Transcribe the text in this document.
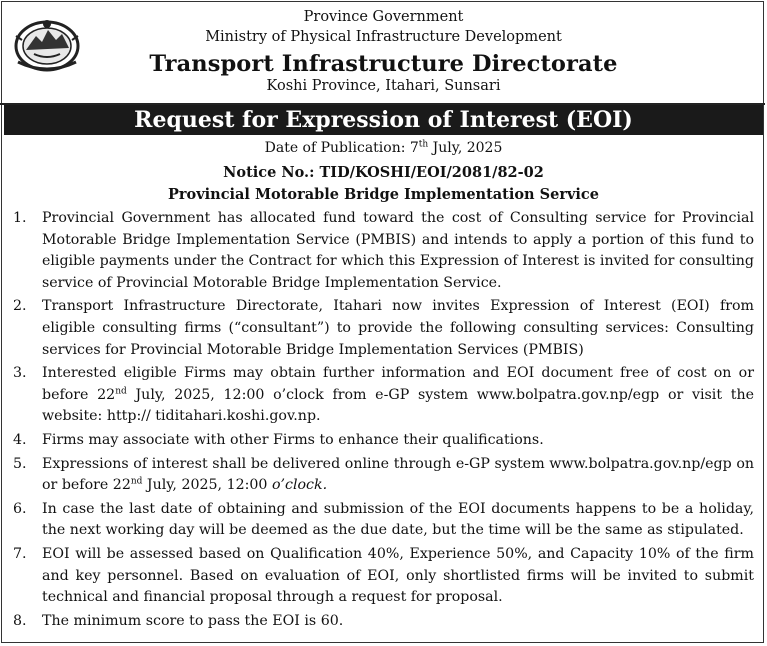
Province Government
Ministry of Physical Infrastructure Development
Transport Infrastructure Directorate
Koshi Province, Itahari, Sunsari
Request for Expression of Interest (EOI)
Date of Publication: 7th July, 2025
Notice No.: TID/KOSHI/EOI/2081/82-02
Provincial Motorable Bridge Implementation Service
1. Provincial Government has allocated fund toward the cost of Consulting service for Provincial Motorable Bridge Implementation Service (PMBIS) and intends to apply a portion of this fund to eligible payments under the Contract for which this Expression of Interest is invited for consulting service of Provincial Motorable Bridge Implementation Service.
2. Transport Infrastructure Directorate, Itahari now invites Expression of Interest (EOI) from eligible consulting firms (“consultant”) to provide the following consulting services: Consulting services for Provincial Motorable Bridge Implementation Services (PMBIS)
3. Interested eligible Firms may obtain further information and EOI document free of cost on or before 22nd July, 2025, 12:00 o’clock from e-GP system www.bolpatra.gov.np/egp or visit the website: http:// tiditahari.koshi.gov.np.
4. Firms may associate with other Firms to enhance their qualifications.
5. Expressions of interest shall be delivered online through e-GP system www.bolpatra.gov.np/egp on or before 22nd July, 2025, 12:00 o’clock.
6. In case the last date of obtaining and submission of the EOI documents happens to be a holiday, the next working day will be deemed as the due date, but the time will be the same as stipulated.
7. EOI will be assessed based on Qualification 40%, Experience 50%, and Capacity 10% of the firm and key personnel. Based on evaluation of EOI, only shortlisted firms will be invited to submit technical and financial proposal through a request for proposal.
8. The minimum score to pass the EOI is 60.
